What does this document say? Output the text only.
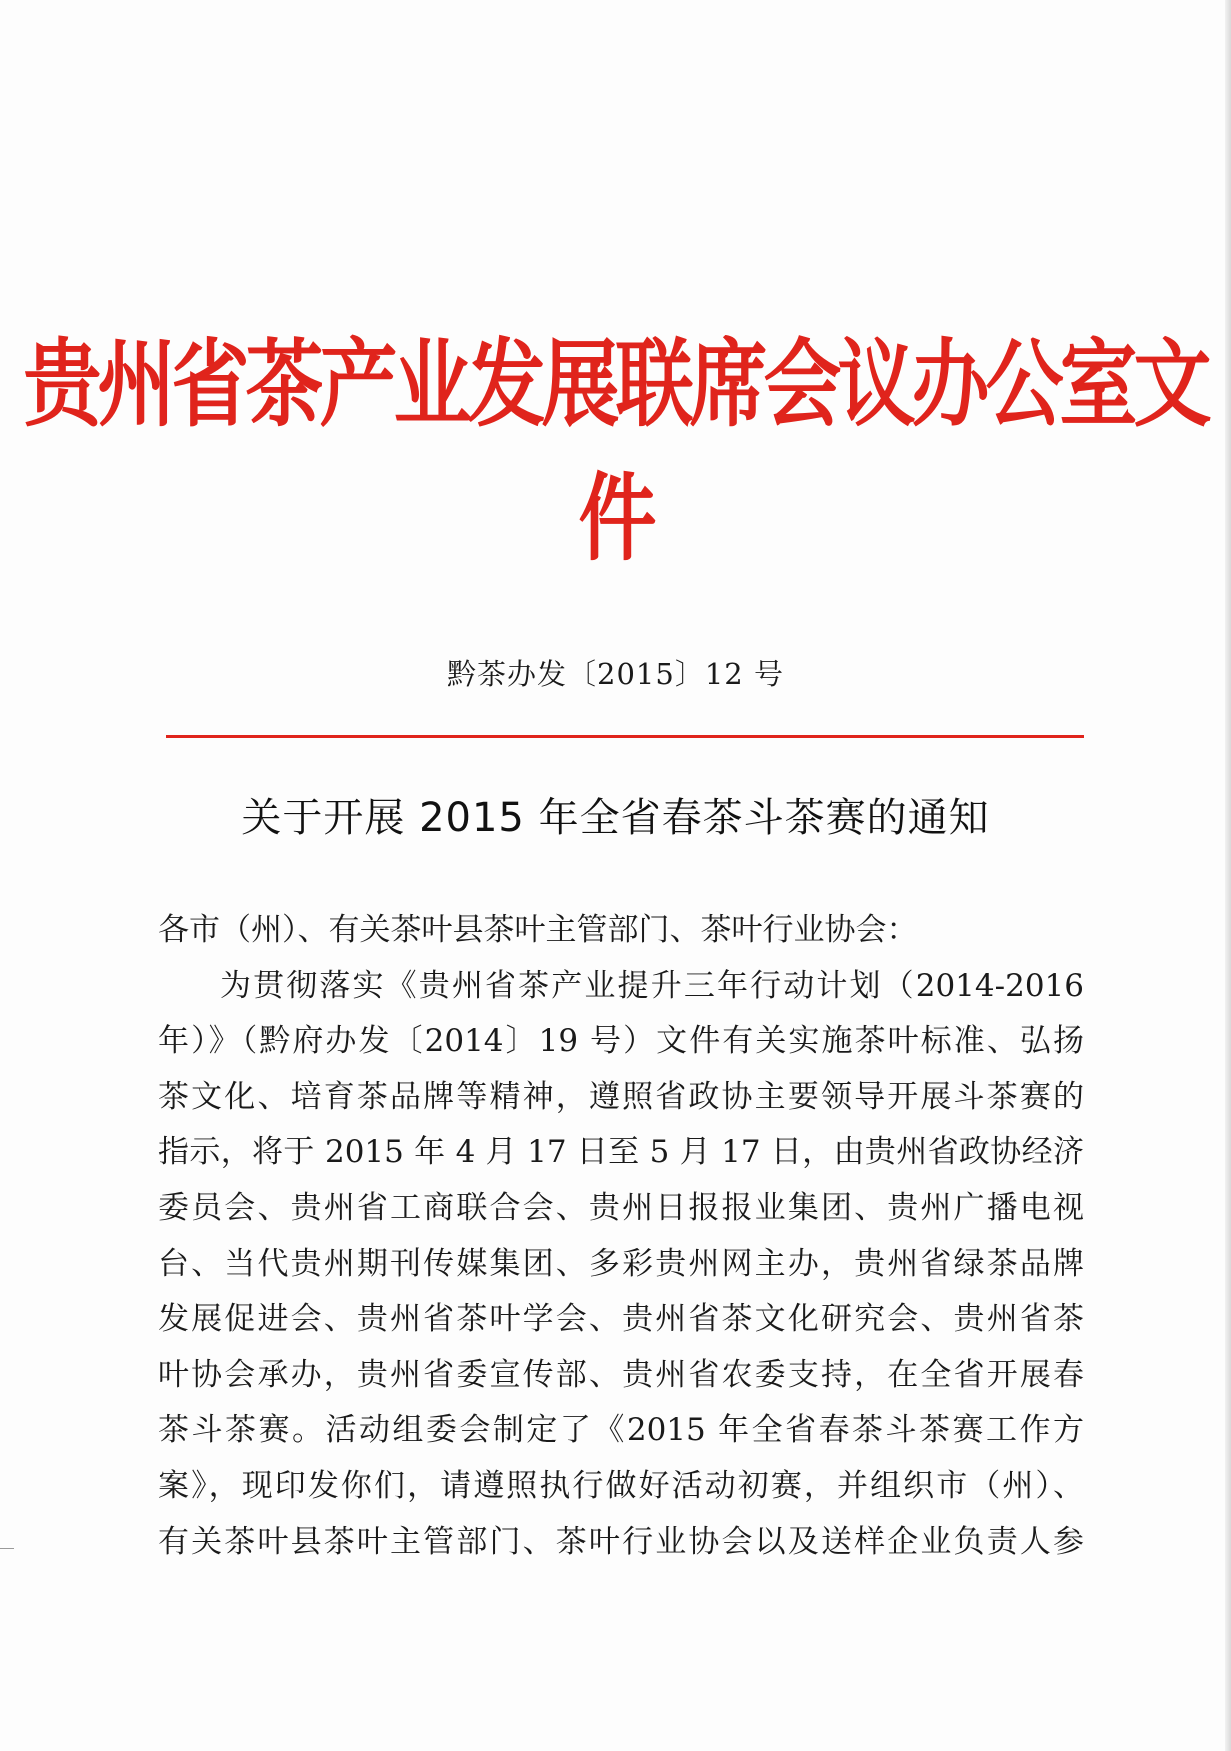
贵州省茶产业发展联席会议办公室文件
黔茶办发〔2015〕12 号
关于开展 2015 年全省春茶斗茶赛的通知
各市（州）、有关茶叶县茶叶主管部门、茶叶行业协会：
为贯彻落实《贵州省茶产业提升三年行动计划（2014-2016
年）》（黔府办发〔2014〕19 号）文件有关实施茶叶标准、弘扬
茶文化、培育茶品牌等精神，遵照省政协主要领导开展斗茶赛的
指示，将于 2015 年 4 月 17 日至 5 月 17 日，由贵州省政协经济
委员会、贵州省工商联合会、贵州日报报业集团、贵州广播电视
台、当代贵州期刊传媒集团、多彩贵州网主办，贵州省绿茶品牌
发展促进会、贵州省茶叶学会、贵州省茶文化研究会、贵州省茶
叶协会承办，贵州省委宣传部、贵州省农委支持，在全省开展春
茶斗茶赛。活动组委会制定了《2015 年全省春茶斗茶赛工作方
案》，现印发你们，请遵照执行做好活动初赛，并组织市（州）、
有关茶叶县茶叶主管部门、茶叶行业协会以及送样企业负责人参
